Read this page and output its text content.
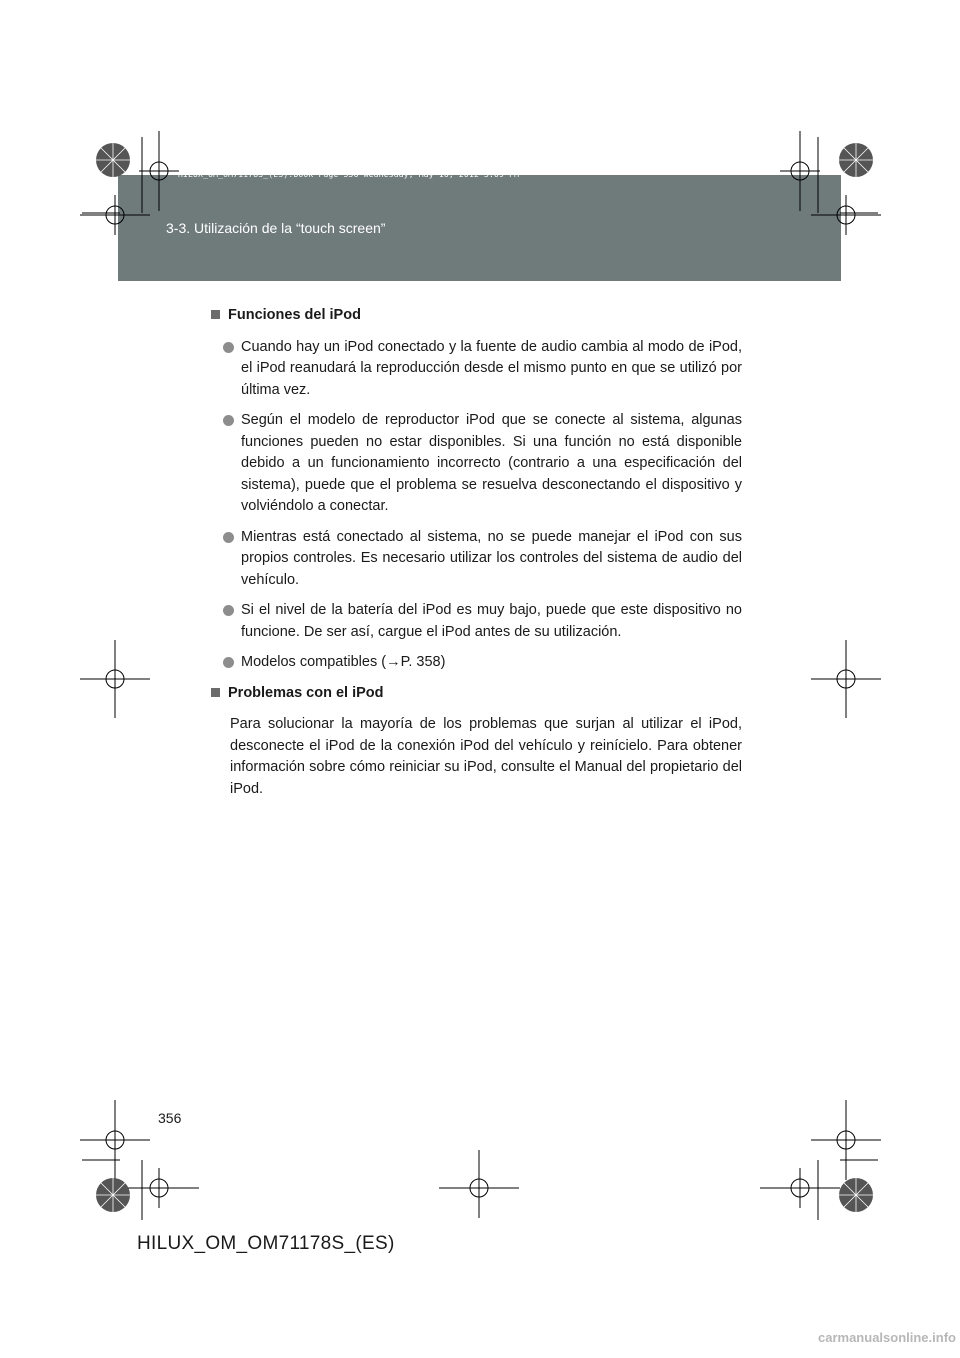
HILUX_OM_OM71178S_(ES).book Page 356 Wednesday, May 16, 2012 3:09 PM
3-3. Utilización de la “touch screen”
Funciones del iPod
Cuando hay un iPod conectado y la fuente de audio cambia al modo de iPod, el iPod reanudará la reproducción desde el mismo punto en que se utilizó por última vez.
Según el modelo de reproductor iPod que se conecte al sistema, algunas funciones pueden no estar disponibles. Si una función no está disponible debido a un funcionamiento incorrecto (contrario a una especificación del sistema), puede que el problema se resuelva desconectando el dispositivo y volviéndolo a conectar.
Mientras está conectado al sistema, no se puede manejar el iPod con sus propios controles. Es necesario utilizar los controles del sistema de audio del vehículo.
Si el nivel de la batería del iPod es muy bajo, puede que este dispositivo no funcione. De ser así, cargue el iPod antes de su utilización.
Modelos compatibles (→P. 358)
Problemas con el iPod

Para solucionar la mayoría de los problemas que surjan al utilizar el iPod, desconecte el iPod de la conexión iPod del vehículo y reinícielo. Para obtener información sobre cómo reiniciar su iPod, consulte el Manual del propietario del iPod.

356
HILUX_OM_OM71178S_(ES)
carmanualsonline.info
